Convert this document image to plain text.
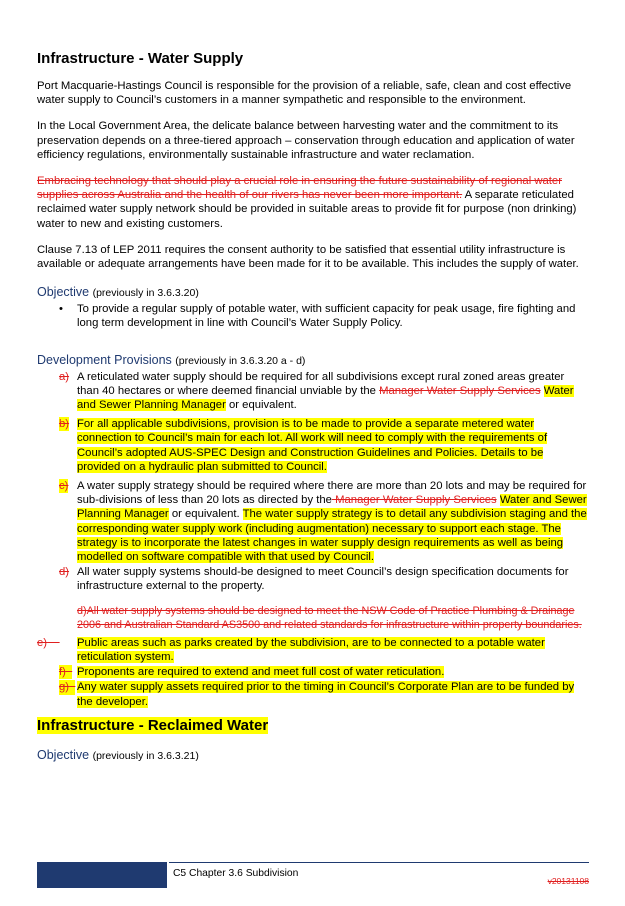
Infrastructure - Water Supply

Port Macquarie-Hastings Council is responsible for the provision of a reliable, safe, clean and cost effective water supply to Council’s customers in a manner sympathetic and responsible to the environment.

In the Local Government Area, the delicate balance between harvesting water and the commitment to its preservation depends on a three-tiered approach – conservation through education and application of water efficiency regulations, environmentally sustainable infrastructure and water reclamation.

Embracing technology that should play a crucial role in ensuring the future sustainability of regional water supplies across Australia and the health of our rivers has never been more important. A separate reticulated reclaimed water supply network should be provided in suitable areas to provide fit for purpose (non drinking) water to new and existing customers.

Clause 7.13 of LEP 2011 requires the consent authority to be satisfied that essential utility infrastructure is available or adequate arrangements have been made for it to be available. This includes the supply of water.

Objective (previously in 3.6.3.20)
• To provide a regular supply of potable water, with sufficient capacity for peak usage, fire fighting and long term development in line with Council’s Water Supply Policy.
Development Provisions (previously in 3.6.3.20 a - d)
a) A reticulated water supply should be required for all subdivisions except rural zoned areas greater than 40 hectares or where deemed financial unviable by the Manager Water Supply Services Water and Sewer Planning Manager or equivalent.
b) For all applicable subdivisions, provision is to be made to provide a separate metered water connection to Council’s main for each lot. All work will need to comply with the requirements of Council’s adopted AUS-SPEC Design and Construction Guidelines and Policies. Details to be provided on a hydraulic plan submitted to Council.
c) A water supply strategy should be required where there are more than 20 lots and may be required for sub-divisions of less than 20 lots as directed by the Manager Water Supply Services Water and Sewer Planning Manager or equivalent. The water supply strategy is to detail any subdivision staging and the corresponding water supply work (including augmentation) necessary to support each stage. The strategy is to incorporate the latest changes in water supply design requirements as well as being modelled on software compatible with that used by Council.
d) All water supply systems should-be designed to meet Council’s design specification documents for infrastructure external to the property.
d)All water supply systems should be designed to meet the NSW Code of Practice Plumbing & Drainage 2006 and Australian Standard AS3500 and related standards for infrastructure within property boundaries.
e)	Public areas such as parks created by the subdivision, are to be connected to a potable water reticulation system.
f) Proponents are required to extend and meet full cost of water reticulation.
g) Any water supply assets required prior to the timing in Council’s Corporate Plan are to be funded by the developer.
Infrastructure - Reclaimed Water
Objective (previously in 3.6.3.21)
C5 Chapter 3.6 Subdivision
v20131108
